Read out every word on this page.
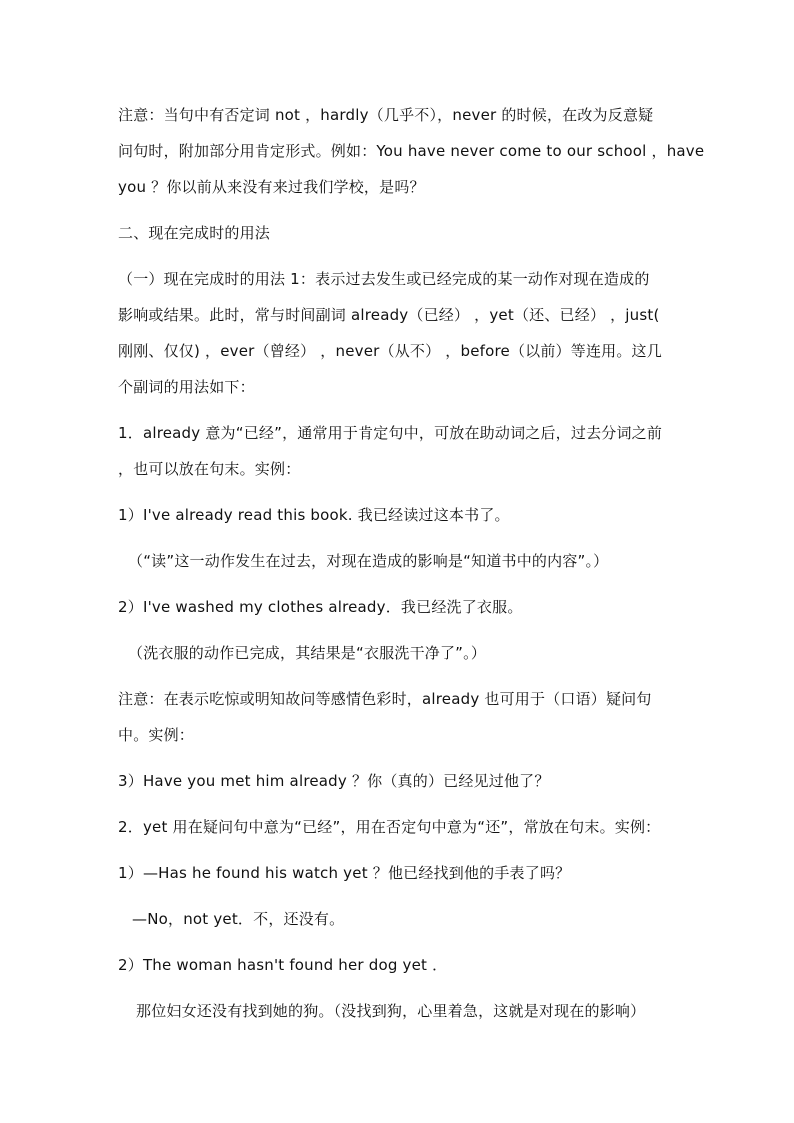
注意：当句中有否定词 not ，hardly（几乎不），never 的时候，在改为反意疑
问句时，附加部分用肯定形式。例如：You have never come to our school ，have
you ？你以前从来没有来过我们学校，是吗？
二、现在完成时的用法
（一）现在完成时的用法 1：表示过去发生或已经完成的某一动作对现在造成的
影响或结果。此时，常与时间副词 already（已经） ，yet（还、已经） ，just(
刚刚、仅仅) ，ever（曾经） ，never（从不） ，before（以前）等连用。这几
个副词的用法如下：
1．already 意为“已经”，通常用于肯定句中，可放在助动词之后，过去分词之前
，也可以放在句末。实例：
1）I've already read this book. 我已经读过这本书了。
（“读”这一动作发生在过去，对现在造成的影响是“知道书中的内容”。）
2）I've washed my clothes already．我已经洗了衣服。
（洗衣服的动作已完成，其结果是“衣服洗干净了”。）
注意：在表示吃惊或明知故问等感情色彩时，already 也可用于（口语）疑问句
中。实例：
3）Have you met him already ？你（真的）已经见过他了？
2．yet 用在疑问句中意为“已经”，用在否定句中意为“还”，常放在句末。实例：
1）—Has he found his watch yet ？他已经找到他的手表了吗？
—No，not yet．不，还没有。
2）The woman hasn't found her dog yet ．
那位妇女还没有找到她的狗。（没找到狗，心里着急，这就是对现在的影响）
